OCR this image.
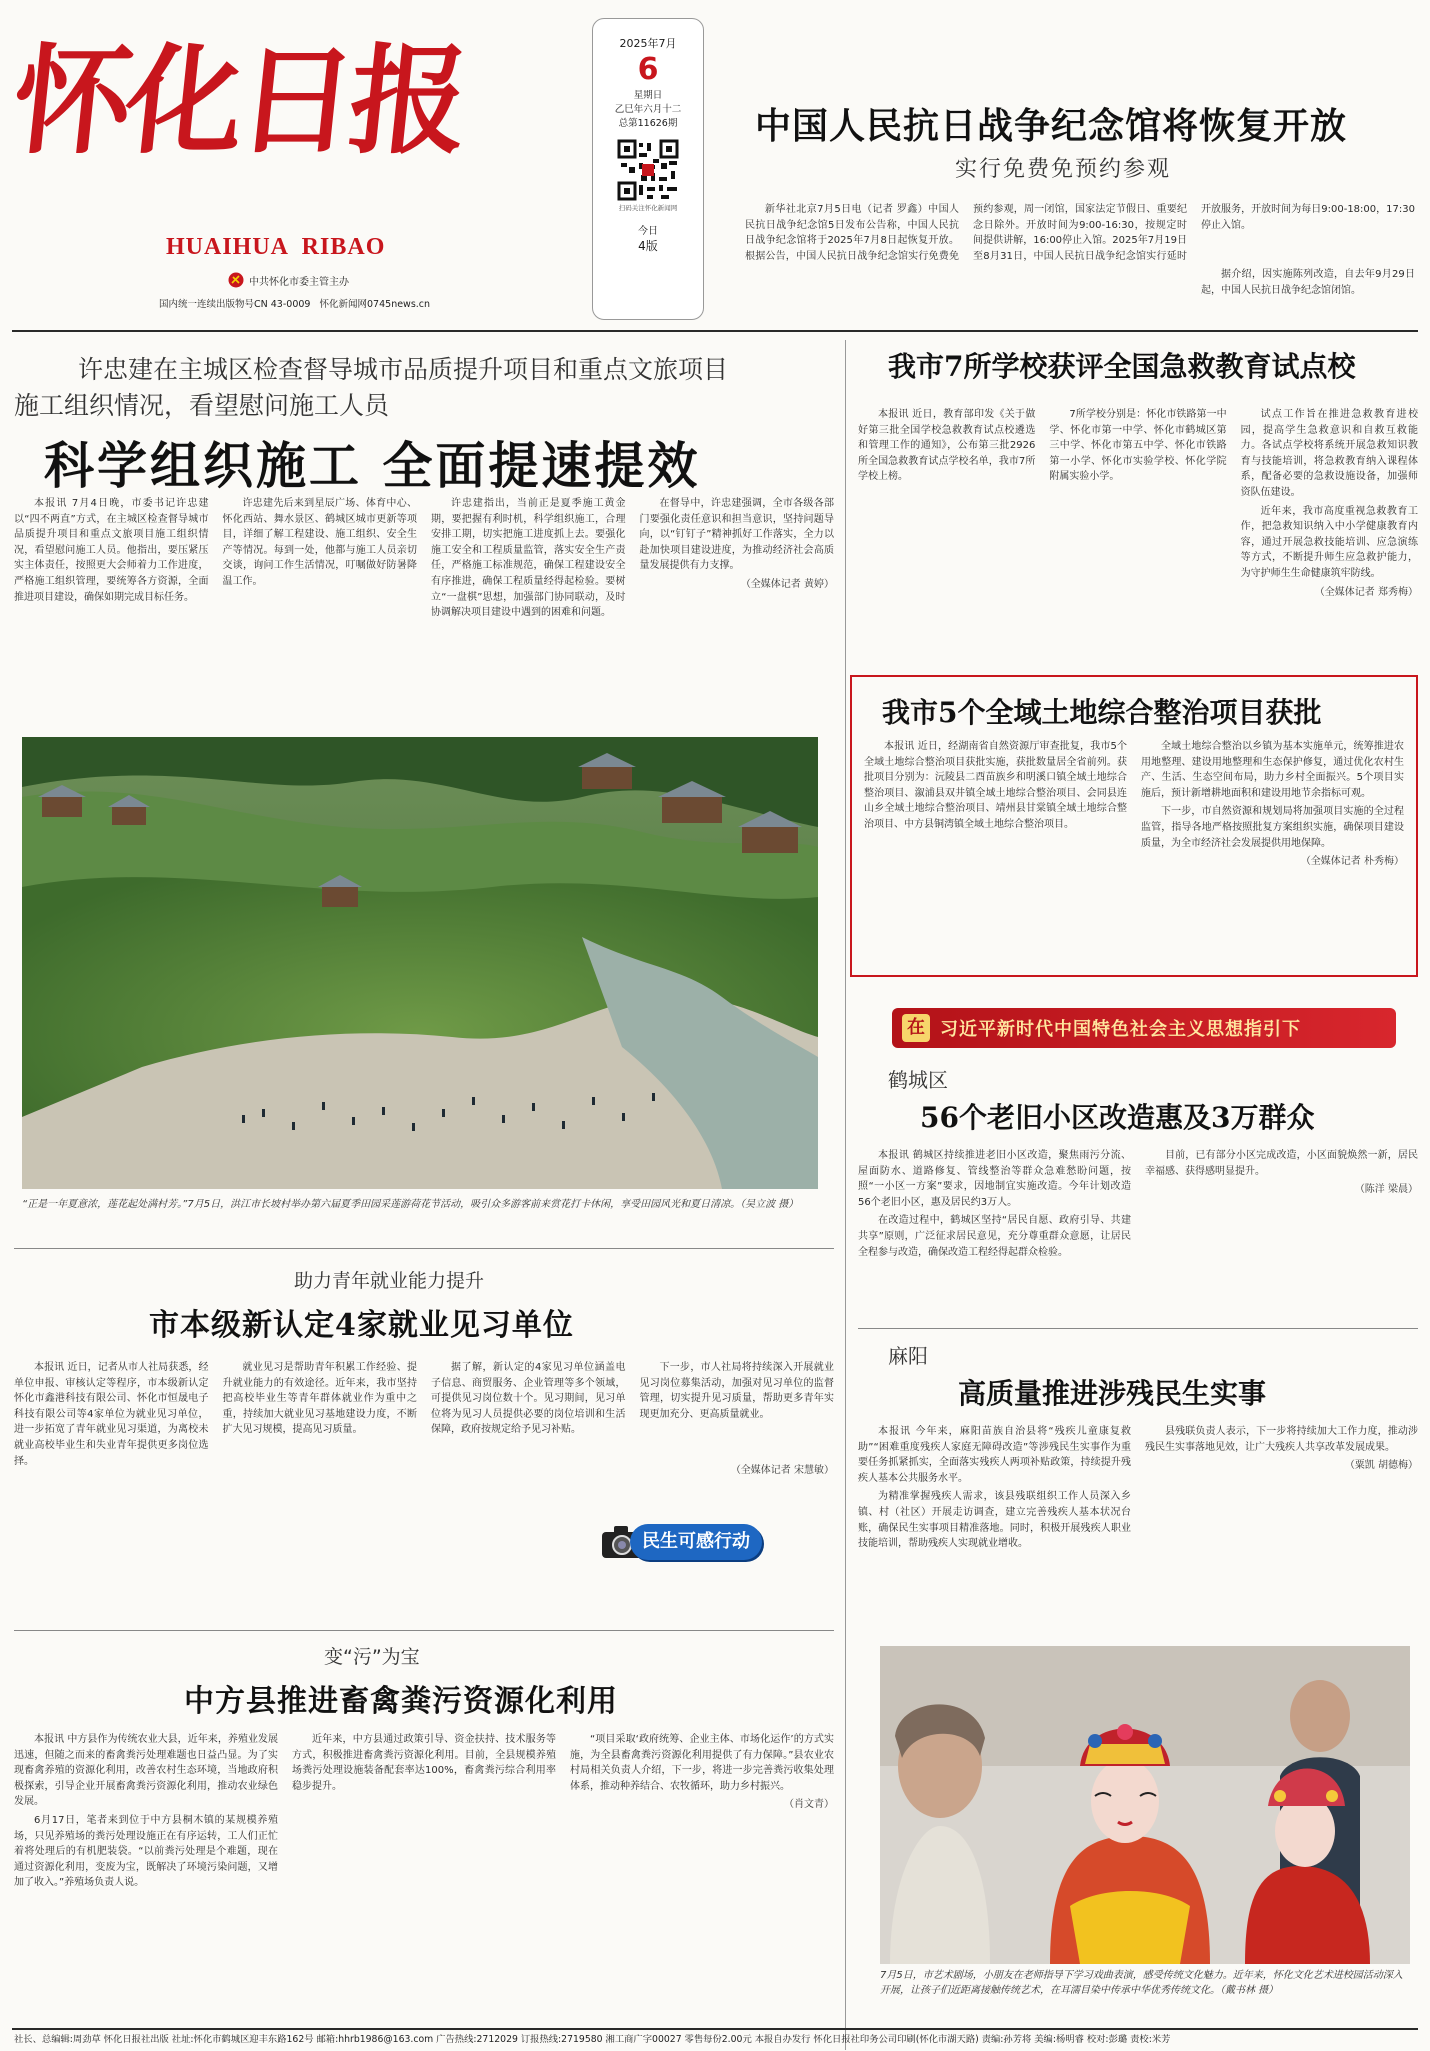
怀化日报
HUAIHUA  RIBAO
中共怀化市委主管主办
国内统一连续出版物号CN 43-0009 怀化新闻网0745news.cn
2025年7月
6
星期日
乙巳年六月十二
总第11626期
扫码关注怀化新闻网
今日
4版
中国人民抗日战争纪念馆将恢复开放
实行免费免预约参观

新华社北京7月5日电（记者 罗鑫）中国人民抗日战争纪念馆5日发布公告称，中国人民抗日战争纪念馆将于2025年7月8日起恢复开放。根据公告，中国人民抗日战争纪念馆实行免费免预约参观，周一闭馆，国家法定节假日、重要纪念日除外。开放时间为9:00-16:30，按规定时间提供讲解，16:00停止入馆。2025年7月19日至8月31日，中国人民抗日战争纪念馆实行延时开放服务，开放时间为每日9:00-18:00，17:30停止入馆。

据介绍，因实施陈列改造，自去年9月29日起，中国人民抗日战争纪念馆闭馆。

许忠建在主城区检查督导城市品质提升项目和重点文旅项目
施工组织情况，看望慰问施工人员
科学组织施工 全面提速提效

本报讯 7月4日晚，市委书记许忠建以“四不两直”方式，在主城区检查督导城市品质提升项目和重点文旅项目施工组织情况，看望慰问施工人员。他指出，要压紧压实主体责任，按照更大会师着力工作进度，严格施工组织管理，要统筹各方资源，全面推进项目建设，确保如期完成目标任务。

许忠建先后来到星辰广场、体育中心、怀化西站、舞水景区、鹤城区城市更新等项目，详细了解工程建设、施工组织、安全生产等情况。每到一处，他都与施工人员亲切交谈，询问工作生活情况，叮嘱做好防暑降温工作。

许忠建指出，当前正是夏季施工黄金期，要把握有利时机，科学组织施工，合理安排工期，切实把施工进度抓上去。要强化施工安全和工程质量监管，落实安全生产责任，严格施工标准规范，确保工程建设安全有序推进，确保工程质量经得起检验。要树立“一盘棋”思想，加强部门协同联动，及时协调解决项目建设中遇到的困难和问题。

在督导中，许忠建强调，全市各级各部门要强化责任意识和担当意识，坚持问题导向，以“钉钉子”精神抓好工作落实，全力以赴加快项目建设进度，为推动经济社会高质量发展提供有力支撑。

（全媒体记者 黄婷）
我市7所学校获评全国急救教育试点校

本报讯 近日，教育部印发《关于做好第三批全国学校急救教育试点校遴选和管理工作的通知》，公布第三批2926所全国急救教育试点学校名单，我市7所学校上榜。

7所学校分别是：怀化市铁路第一中学、怀化市第一中学、怀化市鹤城区第三中学、怀化市第五中学、怀化市铁路第一小学、怀化市实验学校、怀化学院附属实验小学。

试点工作旨在推进急救教育进校园，提高学生急救意识和自救互救能力。各试点学校将系统开展急救知识教育与技能培训，将急救教育纳入课程体系，配备必要的急救设施设备，加强师资队伍建设。

近年来，我市高度重视急救教育工作，把急救知识纳入中小学健康教育内容，通过开展急救技能培训、应急演练等方式，不断提升师生应急救护能力，为守护师生生命健康筑牢防线。

（全媒体记者 郑秀梅）
我市5个全域土地综合整治项目获批

本报讯 近日，经湖南省自然资源厅审查批复，我市5个全域土地综合整治项目获批实施，获批数量居全省前列。获批项目分别为：沅陵县二酉苗族乡和明溪口镇全域土地综合整治项目、溆浦县双井镇全域土地综合整治项目、会同县连山乡全域土地综合整治项目、靖州县甘棠镇全域土地综合整治项目、中方县铜湾镇全域土地综合整治项目。

全域土地综合整治以乡镇为基本实施单元，统筹推进农用地整理、建设用地整理和生态保护修复，通过优化农村生产、生活、生态空间布局，助力乡村全面振兴。5个项目实施后，预计新增耕地面积和建设用地节余指标可观。

下一步，市自然资源和规划局将加强项目实施的全过程监管，指导各地严格按照批复方案组织实施，确保项目建设质量，为全市经济社会发展提供用地保障。

（全媒体记者 朴秀梅）
“正是一年夏意浓，莲花起处满村芳。”7月5日，洪江市长坡村举办第六届夏季田园采莲游荷花节活动，吸引众多游客前来赏花打卡休闲，享受田园风光和夏日清凉。（吴立波 摄）
在 习近平新时代中国特色社会主义思想指引下
鹤城区
56个老旧小区改造惠及3万群众

本报讯 鹤城区持续推进老旧小区改造，聚焦雨污分流、屋面防水、道路修复、管线整治等群众急难愁盼问题，按照“一小区一方案”要求，因地制宜实施改造。今年计划改造56个老旧小区，惠及居民约3万人。

在改造过程中，鹤城区坚持“居民自愿、政府引导、共建共享”原则，广泛征求居民意见，充分尊重群众意愿，让居民全程参与改造，确保改造工程经得起群众检验。

目前，已有部分小区完成改造，小区面貌焕然一新，居民幸福感、获得感明显提升。

（陈洋 梁晨）
助力青年就业能力提升
市本级新认定4家就业见习单位

本报讯 近日，记者从市人社局获悉，经单位申报、审核认定等程序，市本级新认定怀化市鑫港科技有限公司、怀化市恒晟电子科技有限公司等4家单位为就业见习单位，进一步拓宽了青年就业见习渠道，为离校未就业高校毕业生和失业青年提供更多岗位选择。

就业见习是帮助青年积累工作经验、提升就业能力的有效途径。近年来，我市坚持把高校毕业生等青年群体就业作为重中之重，持续加大就业见习基地建设力度，不断扩大见习规模，提高见习质量。

据了解，新认定的4家见习单位涵盖电子信息、商贸服务、企业管理等多个领域，可提供见习岗位数十个。见习期间，见习单位将为见习人员提供必要的岗位培训和生活保障，政府按规定给予见习补贴。

下一步，市人社局将持续深入开展就业见习岗位募集活动，加强对见习单位的监督管理，切实提升见习质量，帮助更多青年实现更加充分、更高质量就业。

（全媒体记者 宋慧敏）
民生可感行动
麻阳
高质量推进涉残民生实事

本报讯 今年来，麻阳苗族自治县将“残疾儿童康复救助”“困难重度残疾人家庭无障碍改造”等涉残民生实事作为重要任务抓紧抓实，全面落实残疾人两项补贴政策，持续提升残疾人基本公共服务水平。

为精准掌握残疾人需求，该县残联组织工作人员深入乡镇、村（社区）开展走访调查，建立完善残疾人基本状况台账，确保民生实事项目精准落地。同时，积极开展残疾人职业技能培训，帮助残疾人实现就业增收。

县残联负责人表示，下一步将持续加大工作力度，推动涉残民生实事落地见效，让广大残疾人共享改革发展成果。

（粟凯 胡德梅）
变“污”为宝
中方县推进畜禽粪污资源化利用

本报讯 中方县作为传统农业大县，近年来，养殖业发展迅速，但随之而来的畜禽粪污处理难题也日益凸显。为了实现畜禽养殖的资源化利用，改善农村生态环境，当地政府积极探索，引导企业开展畜禽粪污资源化利用，推动农业绿色发展。

6月17日，笔者来到位于中方县桐木镇的某规模养殖场，只见养殖场的粪污处理设施正在有序运转，工人们正忙着将处理后的有机肥装袋。“以前粪污处理是个难题，现在通过资源化利用，变废为宝，既解决了环境污染问题，又增加了收入。”养殖场负责人说。

近年来，中方县通过政策引导、资金扶持、技术服务等方式，积极推进畜禽粪污资源化利用。目前，全县规模养殖场粪污处理设施装备配套率达100%，畜禽粪污综合利用率稳步提升。

“项目采取‘政府统筹、企业主体、市场化运作’的方式实施，为全县畜禽粪污资源化利用提供了有力保障。”县农业农村局相关负责人介绍，下一步，将进一步完善粪污收集处理体系，推动种养结合、农牧循环，助力乡村振兴。

（肖文青）
7月5日，市艺术剧场，小朋友在老师指导下学习戏曲表演，感受传统文化魅力。近年来，怀化文化艺术进校园活动深入开展，让孩子们近距离接触传统艺术，在耳濡目染中传承中华优秀传统文化。（戴书林 摄）
社长、总编辑:周劲草 怀化日报社出版 社址:怀化市鹤城区迎丰东路162号 邮箱:hhrb1986@163.com 广告热线:2712029 订报热线:2719580 湘工商广字00027 零售每份2.00元 本报自办发行 怀化日报社印务公司印刷(怀化市湖天路) 责编:孙芳将 美编:杨明睿 校对:彭璐 责校:米芳
